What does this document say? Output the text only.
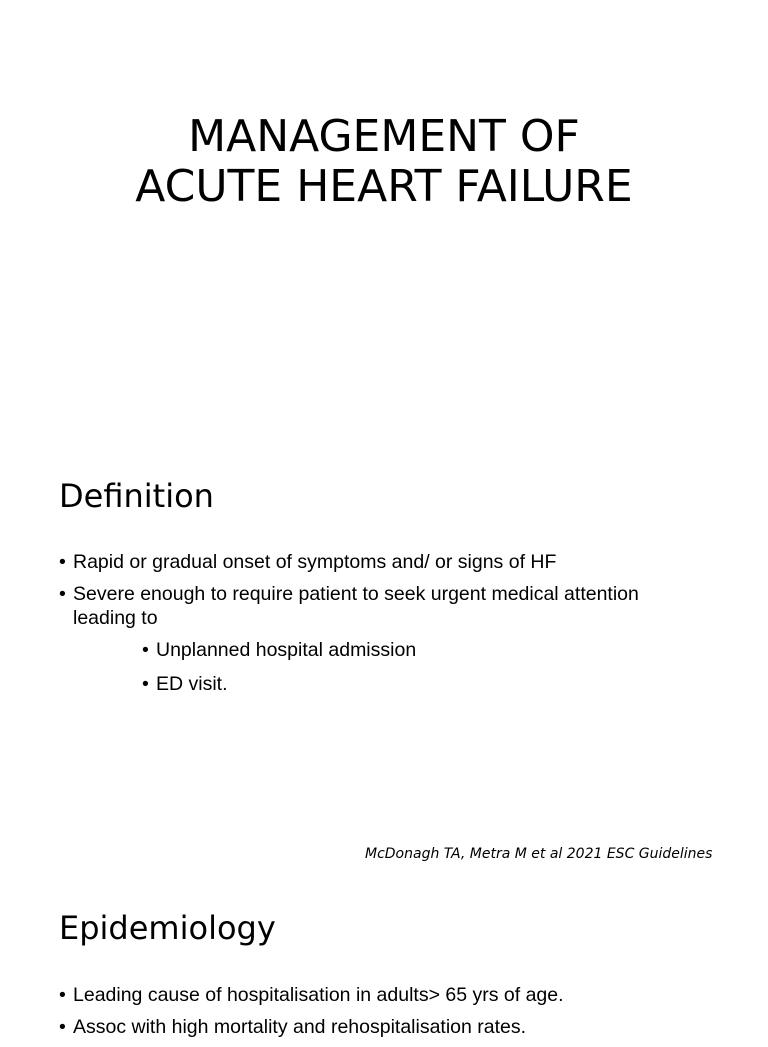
MANAGEMENT OF
ACUTE HEART FAILURE
Definition
• Rapid or gradual onset of symptoms and/ or signs of HF
• Severe enough to require patient to seek urgent medical attention leading to
• Unplanned hospital admission
• ED visit.
McDonagh TA, Metra M et al 2021 ESC Guidelines
Epidemiology
• Leading cause of hospitalisation in adults> 65 yrs of age.
• Assoc with high mortality and rehospitalisation rates.
